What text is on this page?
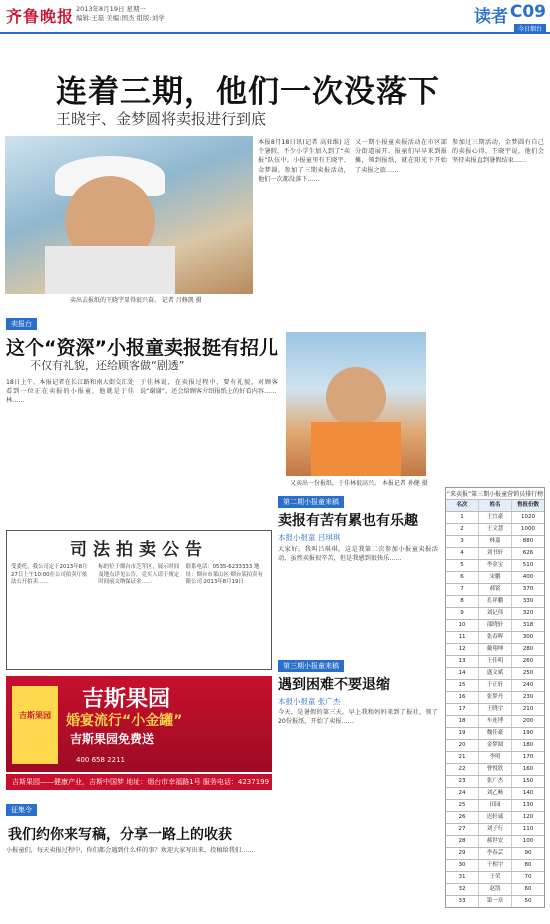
齐鲁晚报 2013年8月19日 星期一
编辑:王磊 美编:国杰 组版:刘学	读者 C09
今日烟台
连着三期，他们一次没落下
王晓宇、金梦圆将卖报进行到底
卖出去报纸的王晓宇显得很兴奋。 记者 吕修凯 摄
本报8月18日讯(记者 高亚维) 这个暑假，不少小学生加入到了“卖报”队伍中。小报童里有王晓宇、金梦圆。参加了三期卖报活动，他们一次都没落下……
又一期小报童卖报活动在市区部分街道展开。报童们早早来到报摊，领到报纸，就在阳光下开始了卖报之旅……
参加过三期活动，金梦圆有自己的卖报心得，王晓宇说，他们会坚持卖报直到暑假结束……
卖报台
这个“资深”小报童卖报挺有招儿
不仅有礼貌，还给顾客做“剧透”
18日上午，本报记者在长江路和南大街交汇处看到一位正在卖报的小报童，他就是于佳林……
于佳林说，在卖报过程中，要有礼貌，对顾客说“谢谢”，还会给顾客介绍报纸上的好看内容……
又卖出一份报纸，于佳林很高兴。 本报记者 孙健 摄
第二期小报童来稿
卖报有苦有累也有乐趣
本报小报童 吕琪琪
大家好，我叫吕琪琪。这是我第二次参加小报童卖报活动，虽然卖报很辛苦，但是我感到很快乐……
第三期小报童来稿
遇到困难不要退缩
本报小报童 张广杰
今天，是暑假的第三天。早上我和妈妈来到了报社，领了20份报纸，开始了卖报……
司法拍卖公告
受委托，我公司定于2013年8月27日上午10:00在公司拍卖厅依法公开拍卖……
标的位于烟台市芝罘区，展示时间及地点详见公告。竞买人请于规定时间前交纳保证金……
联系电话：0535-6233333 地址：烟台市莱山区 烟台某拍卖有限公司 2013年8月19日
吉斯果园
吉斯果园
婚宴流行“小金罐”
吉斯果园免费送
400 658 2211
吉斯果园——健康产业，吉斯中国梦 地址：烟台市幸福路1号 服务电话：4237199
“来卖报”第三期小报童营销员排行榜
名次	姓名	售报份数
1	王宜豪	1020
2	王文慧	1000
3	林嘉	880
4	刘书轩	626
5	李金宝	510
6	宋鹏	400
7	郝铭	370
8	孔祥鹏	330
9	刘记伟	320
10	邵晓轩	318
11	张春晖	300
12	戴翔坤	280
13	王佳明	260
14	盛文斌	250
15	于正轩	240
16	张梦丹	230
17	王晓宇	210
18	车连博	200
19	魏佳豪	190
20	金梦圆	180
21	李明	170
22	曹悦欣	160
23	张广杰	150
24	刘乙畅	140
25	田园	130
26	迟轩诚	120
27	刘子行	110
28	郝世安	100
29	李春芸	90
30	于相宇	80
31	王荣	70
32	赵凯	60
33	第一章	50
征集令
我们约你来写稿，分享一路上的收获
小报童们，每天卖报过程中，你们都会遇到什么样的事？欢迎大家写出来，投稿给我们……
